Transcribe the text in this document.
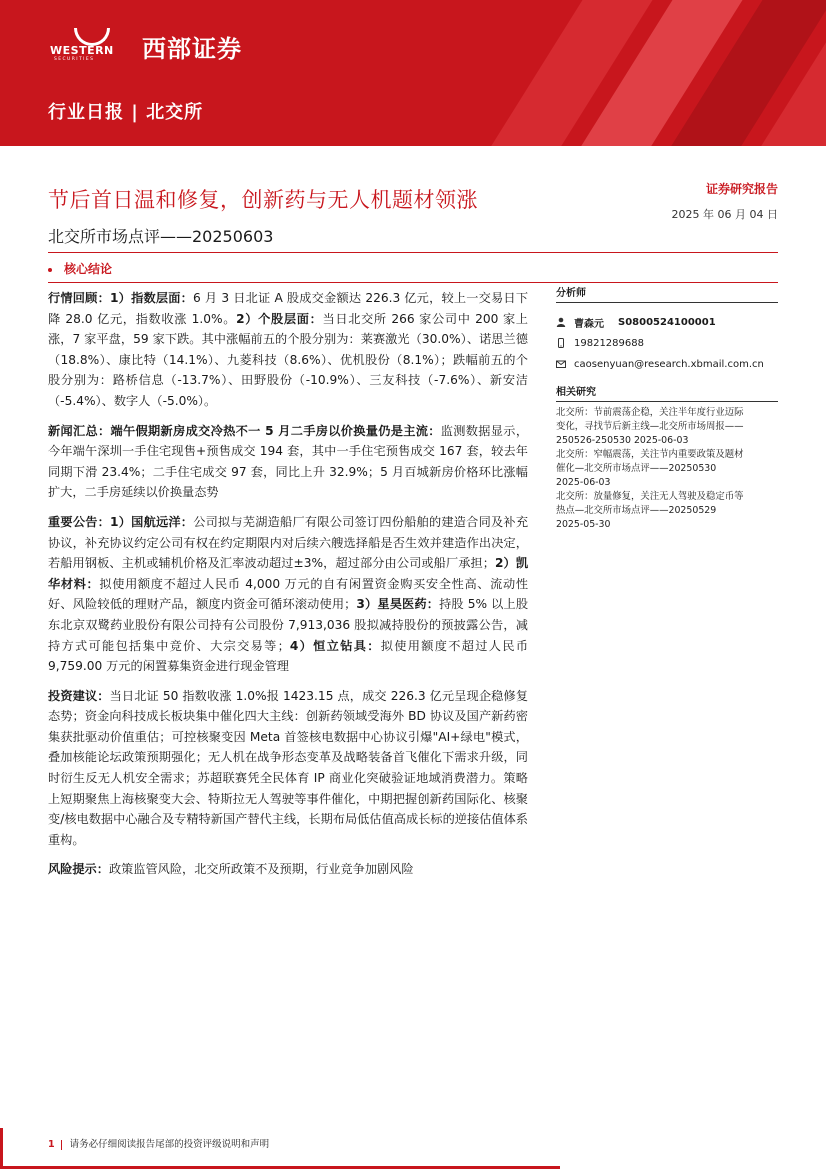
WESTERN
SECURITIES 西部证券
行业日报 | 北交所
节后首日温和修复，创新药与无人机题材领涨
北交所市场点评——20250603
证券研究报告
2025 年 06 月 04 日
核心结论

行情回顾：1）指数层面：6 月 3 日北证 A 股成交金额达 226.3 亿元，较上一交易日下降 28.0 亿元，指数收涨 1.0%。2）个股层面：当日北交所 266 家公司中 200 家上涨，7 家平盘，59 家下跌。其中涨幅前五的个股分别为：莱赛激光（30.0%）、诺思兰德（18.8%）、康比特（14.1%）、九菱科技（8.6%）、优机股份（8.1%）；跌幅前五的个股分别为：路桥信息（-13.7%）、田野股份（-10.9%）、三友科技（-7.6%）、新安洁（-5.4%）、数字人（-5.0%）。

新闻汇总：端午假期新房成交冷热不一 5 月二手房以价换量仍是主流：监测数据显示，今年端午深圳一手住宅现售+预售成交 194 套，其中一手住宅预售成交 167 套，较去年同期下滑 23.4%；二手住宅成交 97 套，同比上升 32.9%；5 月百城新房价格环比涨幅扩大，二手房延续以价换量态势

重要公告：1）国航远洋：公司拟与芜湖造船厂有限公司签订四份船舶的建造合同及补充协议，补充协议约定公司有权在约定期限内对后续六艘选择船是否生效并建造作出决定，若船用钢板、主机或辅机价格及汇率波动超过±3%，超过部分由公司或船厂承担；2）凯华材料：拟使用额度不超过人民币 4,000 万元的自有闲置资金购买安全性高、流动性好、风险较低的理财产品，额度内资金可循环滚动使用；3）星昊医药：持股 5% 以上股东北京双鹭药业股份有限公司持有公司股份 7,913,036 股拟减持股份的预披露公告，减持方式可能包括集中竞价、大宗交易等；4）恒立钻具：拟使用额度不超过人民币 9,759.00 万元的闲置募集资金进行现金管理

投资建议：当日北证 50 指数收涨 1.0%报 1423.15 点，成交 226.3 亿元呈现企稳修复态势；资金向科技成长板块集中催化四大主线：创新药领域受海外 BD 协议及国产新药密集获批驱动价值重估；可控核聚变因 Meta 首签核电数据中心协议引爆"AI+绿电"模式，叠加核能论坛政策预期强化；无人机在战争形态变革及战略装备首飞催化下需求升级，同时衍生反无人机安全需求；苏超联赛凭全民体育 IP 商业化突破验证地域消费潜力。策略上短期聚焦上海核聚变大会、特斯拉无人驾驶等事件催化，中期把握创新药国际化、核聚变/核电数据中心融合及专精特新国产替代主线，长期布局低估值高成长标的逆接估值体系重构。

风险提示：政策监管风险，北交所政策不及预期，行业竞争加剧风险

分析师
曹森元 S0800524100001
19821289688
caosenyuan@research.xbmail.com.cn
相关研究
北交所：节前震荡企稳，关注半年度行业迈际
变化，寻找节后新主线—北交所市场周报——
250526-250530 2025-06-03
北交所：窄幅震荡，关注节内重要政策及题材
催化—北交所市场点评——20250530
2025-06-03
北交所：放量修复，关注无人驾驶及稳定币等
热点—北交所市场点评——20250529
2025-05-30
1 请务必仔细阅读报告尾部的投资评级说明和声明
